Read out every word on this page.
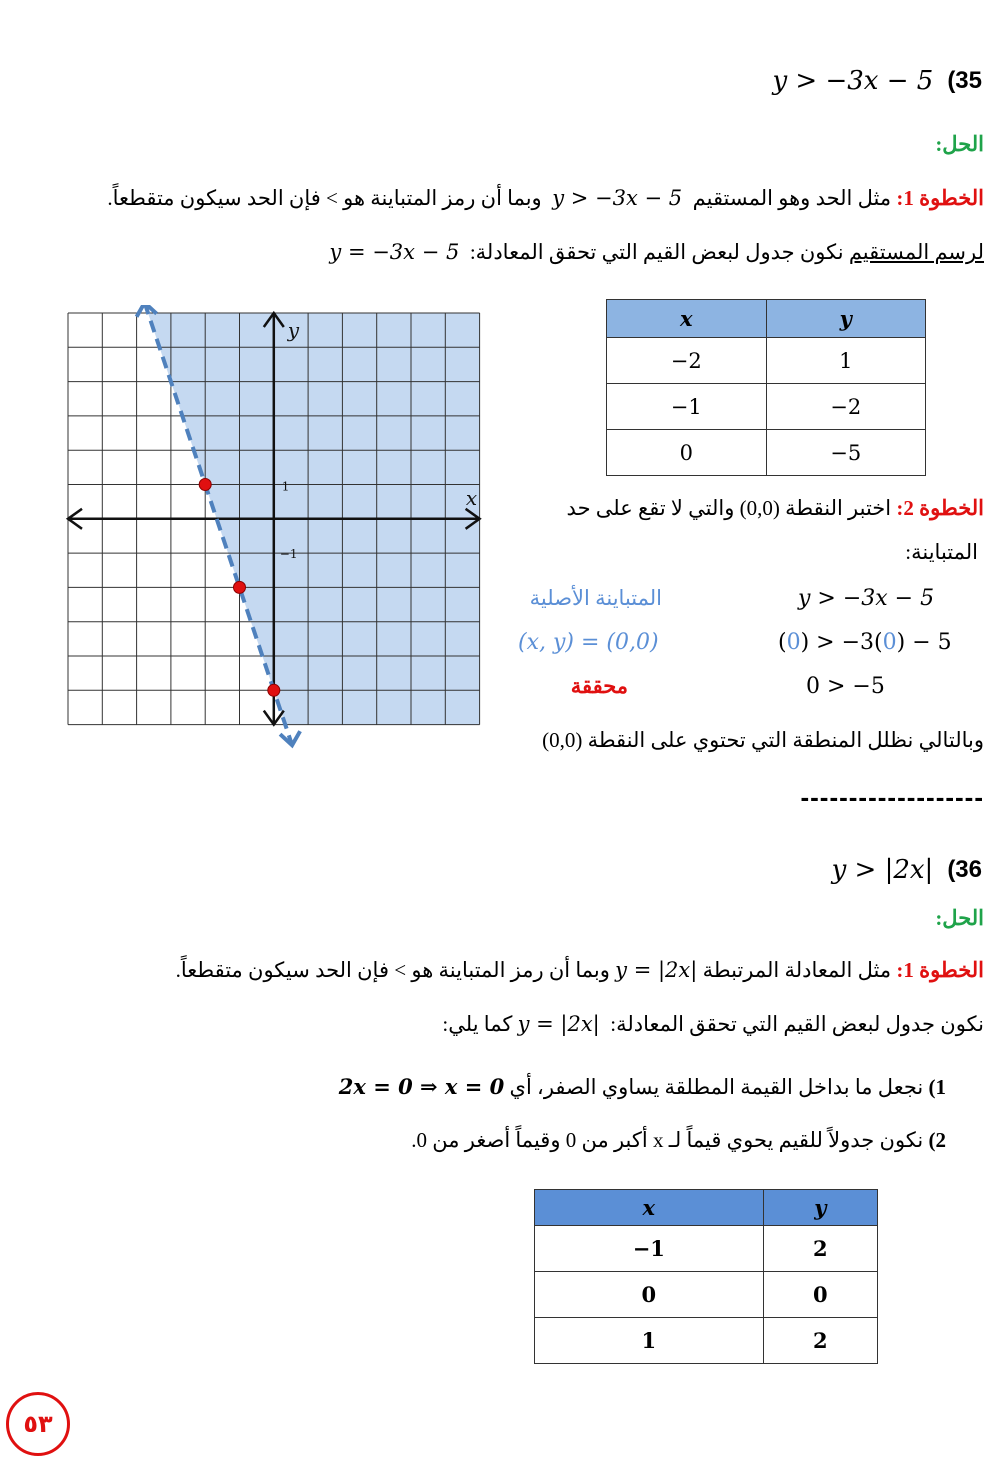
y > −3x − 5 (35
الحل:
الخطوة 1: مثل الحد وهو المستقيم  y > −3x − 5  وبما أن رمز المتباينة هو > فإن الحد سيكون متقطعاً.
لرسم المستقيم نكون جدول لبعض القيم التي تحقق المعادلة:  y = −3x − 5
x	y
−2	1
−1	−2
0	−5
x
y
1
−1
الخطوة 2: اختبر النقطة (0,0) والتي لا تقع على حد
المتباينة:
y > −3x − 5
المتباينة الأصلية
(0) > −3(0) − 5
(x, y) = (0,0)
0 > −5
محققة
وبالتالي نظلل المنطقة التي تحتوي على النقطة (0,0)
-------------------
y > |2x| (36
الحل:
الخطوة 1: مثل المعادلة المرتبطة y = |2x| وبما أن رمز المتباينة هو > فإن الحد سيكون متقطعاً.
نكون جدول لبعض القيم التي تحقق المعادلة:  y = |2x| كما يلي:
1) نجعل ما بداخل القيمة المطلقة يساوي الصفر، أي 2x = 0 ⇒ x = 0
2) نكون جدولاً للقيم يحوي قيماً لـ x أكبر من 0 وقيماً أصغر من 0.
x	y
−1	2
0	0
1	2
٥٣
